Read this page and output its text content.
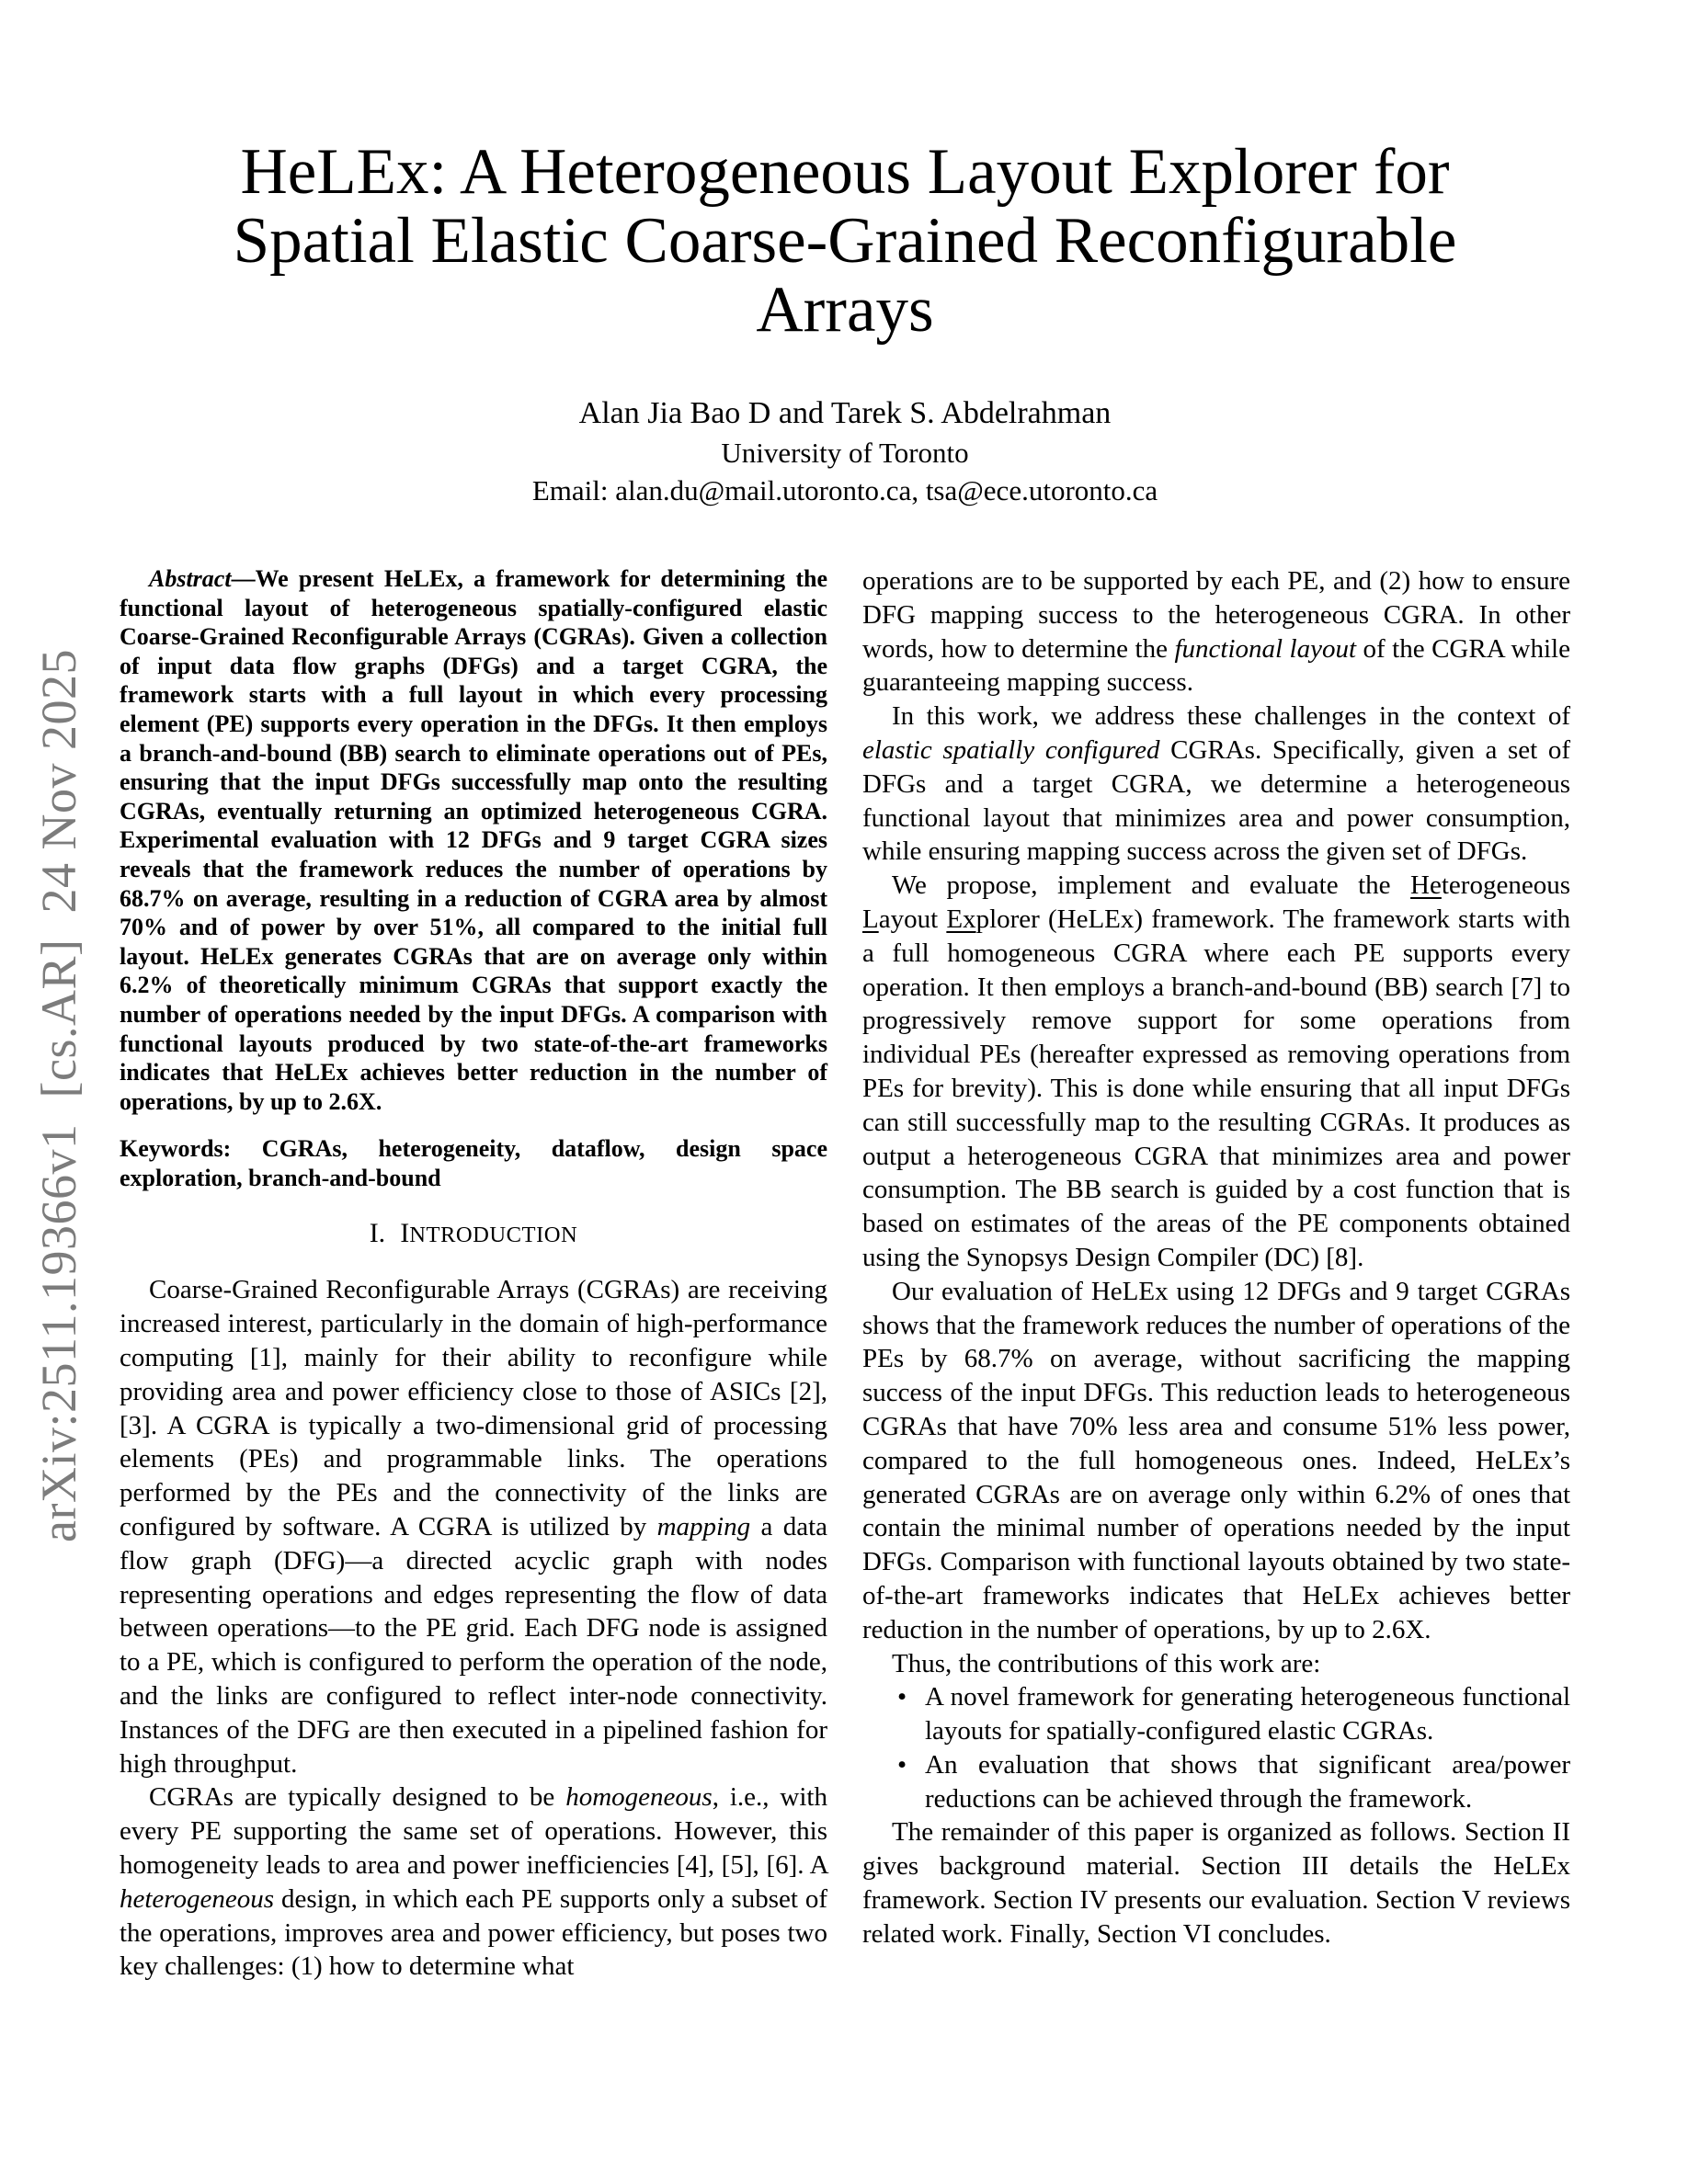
arXiv:2511.19366v1  [cs.AR]  24 Nov 2025
HeLEx: A Heterogeneous Layout Explorer for
Spatial Elastic Coarse-Grained Reconfigurable
Arrays
Alan Jia Bao D and Tarek S. Abdelrahman
University of Toronto
Email: alan.du@mail.utoronto.ca, tsa@ece.utoronto.ca

Abstract—We present HeLEx, a framework for determining the functional layout of heterogeneous spatially-configured elastic Coarse-Grained Reconfigurable Arrays (CGRAs). Given a collection of input data flow graphs (DFGs) and a target CGRA, the framework starts with a full layout in which every processing element (PE) supports every operation in the DFGs. It then employs a branch-and-bound (BB) search to eliminate operations out of PEs, ensuring that the input DFGs successfully map onto the resulting CGRAs, eventually returning an optimized heterogeneous CGRA. Experimental evaluation with 12 DFGs and 9 target CGRA sizes reveals that the framework reduces the number of operations by 68.7% on average, resulting in a reduction of CGRA area by almost 70% and of power by over 51%, all compared to the initial full layout. HeLEx generates CGRAs that are on average only within 6.2% of theoretically minimum CGRAs that support exactly the number of operations needed by the input DFGs. A comparison with functional layouts produced by two state-of-the-art frameworks indicates that HeLEx achieves better reduction in the number of operations, by up to 2.6X.

Keywords: CGRAs, heterogeneity, dataflow, design space exploration, branch-and-bound

I. INTRODUCTION

Coarse-Grained Reconfigurable Arrays (CGRAs) are receiving increased interest, particularly in the domain of high-performance computing [1], mainly for their ability to reconfigure while providing area and power efficiency close to those of ASICs [2], [3]. A CGRA is typically a two-dimensional grid of processing elements (PEs) and programmable links. The operations performed by the PEs and the connectivity of the links are configured by software. A CGRA is utilized by mapping a data flow graph (DFG)—a directed acyclic graph with nodes representing operations and edges representing the flow of data between operations—to the PE grid. Each DFG node is assigned to a PE, which is configured to perform the operation of the node, and the links are configured to reflect inter-node connectivity. Instances of the DFG are then executed in a pipelined fashion for high throughput.

CGRAs are typically designed to be homogeneous, i.e., with every PE supporting the same set of operations. However, this homogeneity leads to area and power inefficiencies [4], [5], [6]. A heterogeneous design, in which each PE supports only a subset of the operations, improves area and power efficiency, but poses two key challenges: (1) how to determine what

operations are to be supported by each PE, and (2) how to ensure DFG mapping success to the heterogeneous CGRA. In other words, how to determine the functional layout of the CGRA while guaranteeing mapping success.

In this work, we address these challenges in the context of elastic spatially configured CGRAs. Specifically, given a set of DFGs and a target CGRA, we determine a heterogeneous functional layout that minimizes area and power consumption, while ensuring mapping success across the given set of DFGs.

We propose, implement and evaluate the Heterogeneous Layout Explorer (HeLEx) framework. The framework starts with a full homogeneous CGRA where each PE supports every operation. It then employs a branch-and-bound (BB) search [7] to progressively remove support for some operations from individual PEs (hereafter expressed as removing operations from PEs for brevity). This is done while ensuring that all input DFGs can still successfully map to the resulting CGRAs. It produces as output a heterogeneous CGRA that minimizes area and power consumption. The BB search is guided by a cost function that is based on estimates of the areas of the PE components obtained using the Synopsys Design Compiler (DC) [8].

Our evaluation of HeLEx using 12 DFGs and 9 target CGRAs shows that the framework reduces the number of operations of the PEs by 68.7% on average, without sacrificing the mapping success of the input DFGs. This reduction leads to heterogeneous CGRAs that have 70% less area and consume 51% less power, compared to the full homogeneous ones. Indeed, HeLEx’s generated CGRAs are on average only within 6.2% of ones that contain the minimal number of operations needed by the input DFGs. Comparison with functional layouts obtained by two state-of-the-art frameworks indicates that HeLEx achieves better reduction in the number of operations, by up to 2.6X.

Thus, the contributions of this work are:

• A novel framework for generating heterogeneous functional layouts for spatially-configured elastic CGRAs.
• An evaluation that shows that significant area/power reductions can be achieved through the framework.

The remainder of this paper is organized as follows. Section II gives background material. Section III details the HeLEx framework. Section IV presents our evaluation. Section V reviews related work. Finally, Section VI concludes.
